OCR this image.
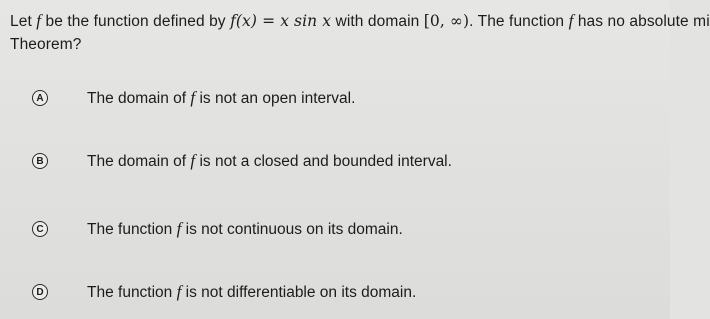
Let f be the function defined by f(x) = x sin x with domain [0, ∞). The function f has no absolute mi
Theorem?
A	The domain of f is not an open interval.
B	The domain of f is not a closed and bounded interval.
C	The function f is not continuous on its domain.
D	The function f is not differentiable on its domain.
